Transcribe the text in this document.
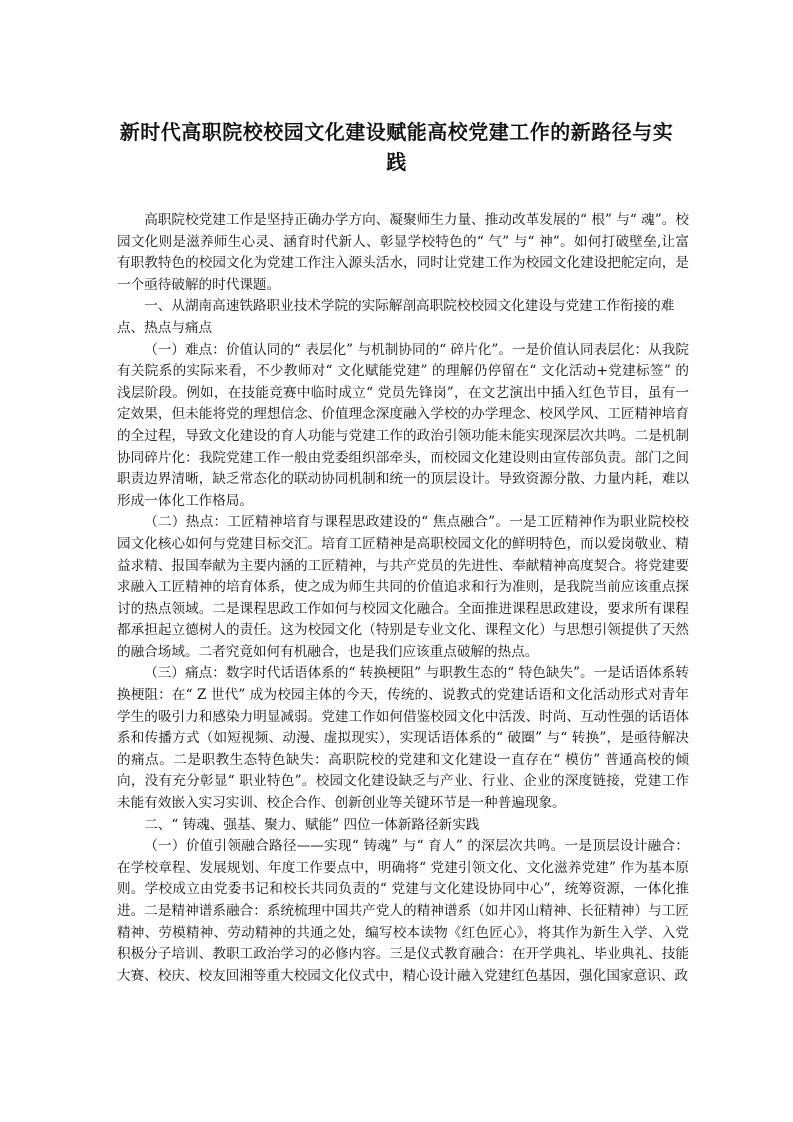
新时代高职院校校园文化建设赋能高校党建工作的新路径与实践

高职院校党建工作是坚持正确办学方向、凝聚师生力量、推动改革发展的“ 根” 与“ 魂”。校园文化则是滋养师生心灵、涵育时代新人、彰显学校特色的“ 气” 与“ 神”。如何打破壁垒,让富有职教特色的校园文化为党建工作注入源头活水，同时让党建工作为校园文化建设把舵定向，是一个亟待破解的时代课题。

一、从湖南高速铁路职业技术学院的实际解剖高职院校校园文化建设与党建工作衔接的难点、热点与痛点

（一）难点：价值认同的“ 表层化” 与机制协同的“ 碎片化”。一是价值认同表层化：从我院有关院系的实际来看，不少教师对“ 文化赋能党建” 的理解仍停留在“ 文化活动+党建标签” 的浅层阶段。例如，在技能竞赛中临时成立“ 党员先锋岗”，在文艺演出中插入红色节目，虽有一定效果，但未能将党的理想信念、价值理念深度融入学校的办学理念、校风学风、工匠精神培育的全过程，导致文化建设的育人功能与党建工作的政治引领功能未能实现深层次共鸣。二是机制协同碎片化：我院党建工作一般由党委组织部牵头，而校园文化建设则由宣传部负责。部门之间职责边界清晰，缺乏常态化的联动协同机制和统一的顶层设计。导致资源分散、力量内耗，难以形成一体化工作格局。

（二）热点：工匠精神培育与课程思政建设的“ 焦点融合”。一是工匠精神作为职业院校校园文化核心如何与党建目标交汇。培育工匠精神是高职校园文化的鲜明特色，而以爱岗敬业、精益求精、报国奉献为主要内涵的工匠精神，与共产党员的先进性、奉献精神高度契合。将党建要求融入工匠精神的培育体系，使之成为师生共同的价值追求和行为准则，是我院当前应该重点探讨的热点领域。二是课程思政工作如何与校园文化融合。全面推进课程思政建设，要求所有课程都承担起立德树人的责任。这为校园文化（特别是专业文化、课程文化）与思想引领提供了天然的融合场域。二者究竟如何有机融合，也是我们应该重点破解的热点。

（三）痛点：数字时代话语体系的“ 转换梗阻” 与职教生态的“ 特色缺失”。一是话语体系转换梗阻：在“ Z 世代” 成为校园主体的今天，传统的、说教式的党建话语和文化活动形式对青年学生的吸引力和感染力明显减弱。党建工作如何借鉴校园文化中活泼、时尚、互动性强的话语体系和传播方式（如短视频、动漫、虚拟现实），实现话语体系的“ 破圈” 与“ 转换”，是亟待解决的痛点。二是职教生态特色缺失：高职院校的党建和文化建设一直存在“ 模仿” 普通高校的倾向，没有充分彰显“ 职业特色”。校园文化建设缺乏与产业、行业、企业的深度链接，党建工作未能有效嵌入实习实训、校企合作、创新创业等关键环节是一种普遍现象。

二、“ 铸魂、强基、聚力、赋能” 四位一体新路径新实践

（一）价值引领融合路径——实现“ 铸魂” 与“ 育人” 的深层次共鸣。一是顶层设计融合：在学校章程、发展规划、年度工作要点中，明确将“ 党建引领文化、文化滋养党建” 作为基本原则。学校成立由党委书记和校长共同负责的“ 党建与文化建设协同中心”，统筹资源，一体化推进。二是精神谱系融合：系统梳理中国共产党人的精神谱系（如井冈山精神、长征精神）与工匠精神、劳模精神、劳动精神的共通之处，编写校本读物《红色匠心》，将其作为新生入学、入党积极分子培训、教职工政治学习的必修内容。三是仪式教育融合：在开学典礼、毕业典礼、技能大赛、校庆、校友回湘等重大校园文化仪式中，精心设计融入党建红色基因，强化国家意识、政
